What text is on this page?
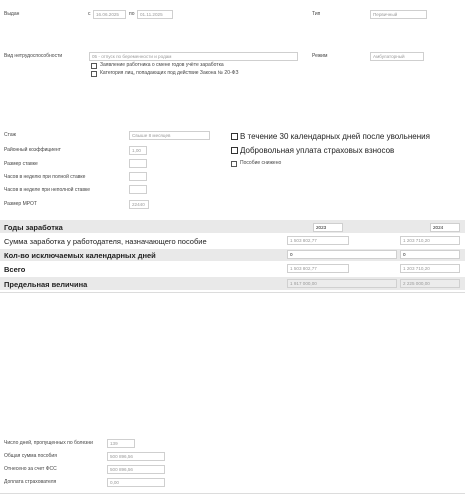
Выдан	с	16.06.2025	по	01.11.2025	Тип	Первичный
Вид нетрудоспособности	05 - отпуск по беременности и родам	Режим	Амбулаторный
Заявление работника о смене годов учёте заработка
Категория лиц, попадающих под действие Закона № 20-ФЗ
Стаж	Свыше 8 месяцев
Районный коэффициент	1,00
Размер ставке
Часов в неделю при полной ставке
Часов в неделе при неполной ставке
Размер МРОТ	22440
В течение 30 календарных дней после увольнения
Добровольная уплата страховых взносов
Пособие снижено
Годы заработка	2023	2024
Сумма заработка у работодателя, назначающего пособие	1 503 802,77	1 203 710,20
Кол-во исключаемых календарных дней	0	0
Всего	1 503 802,77	1 203 710,20
Предельная величина	1 917 000,00	2 225 000,00
Число дней, пропущенных по болезни	139
Общая сумма пособия	500 896,56
Отнесено за счет ФСС	500 896,56
Доплата страхователя	0,00
